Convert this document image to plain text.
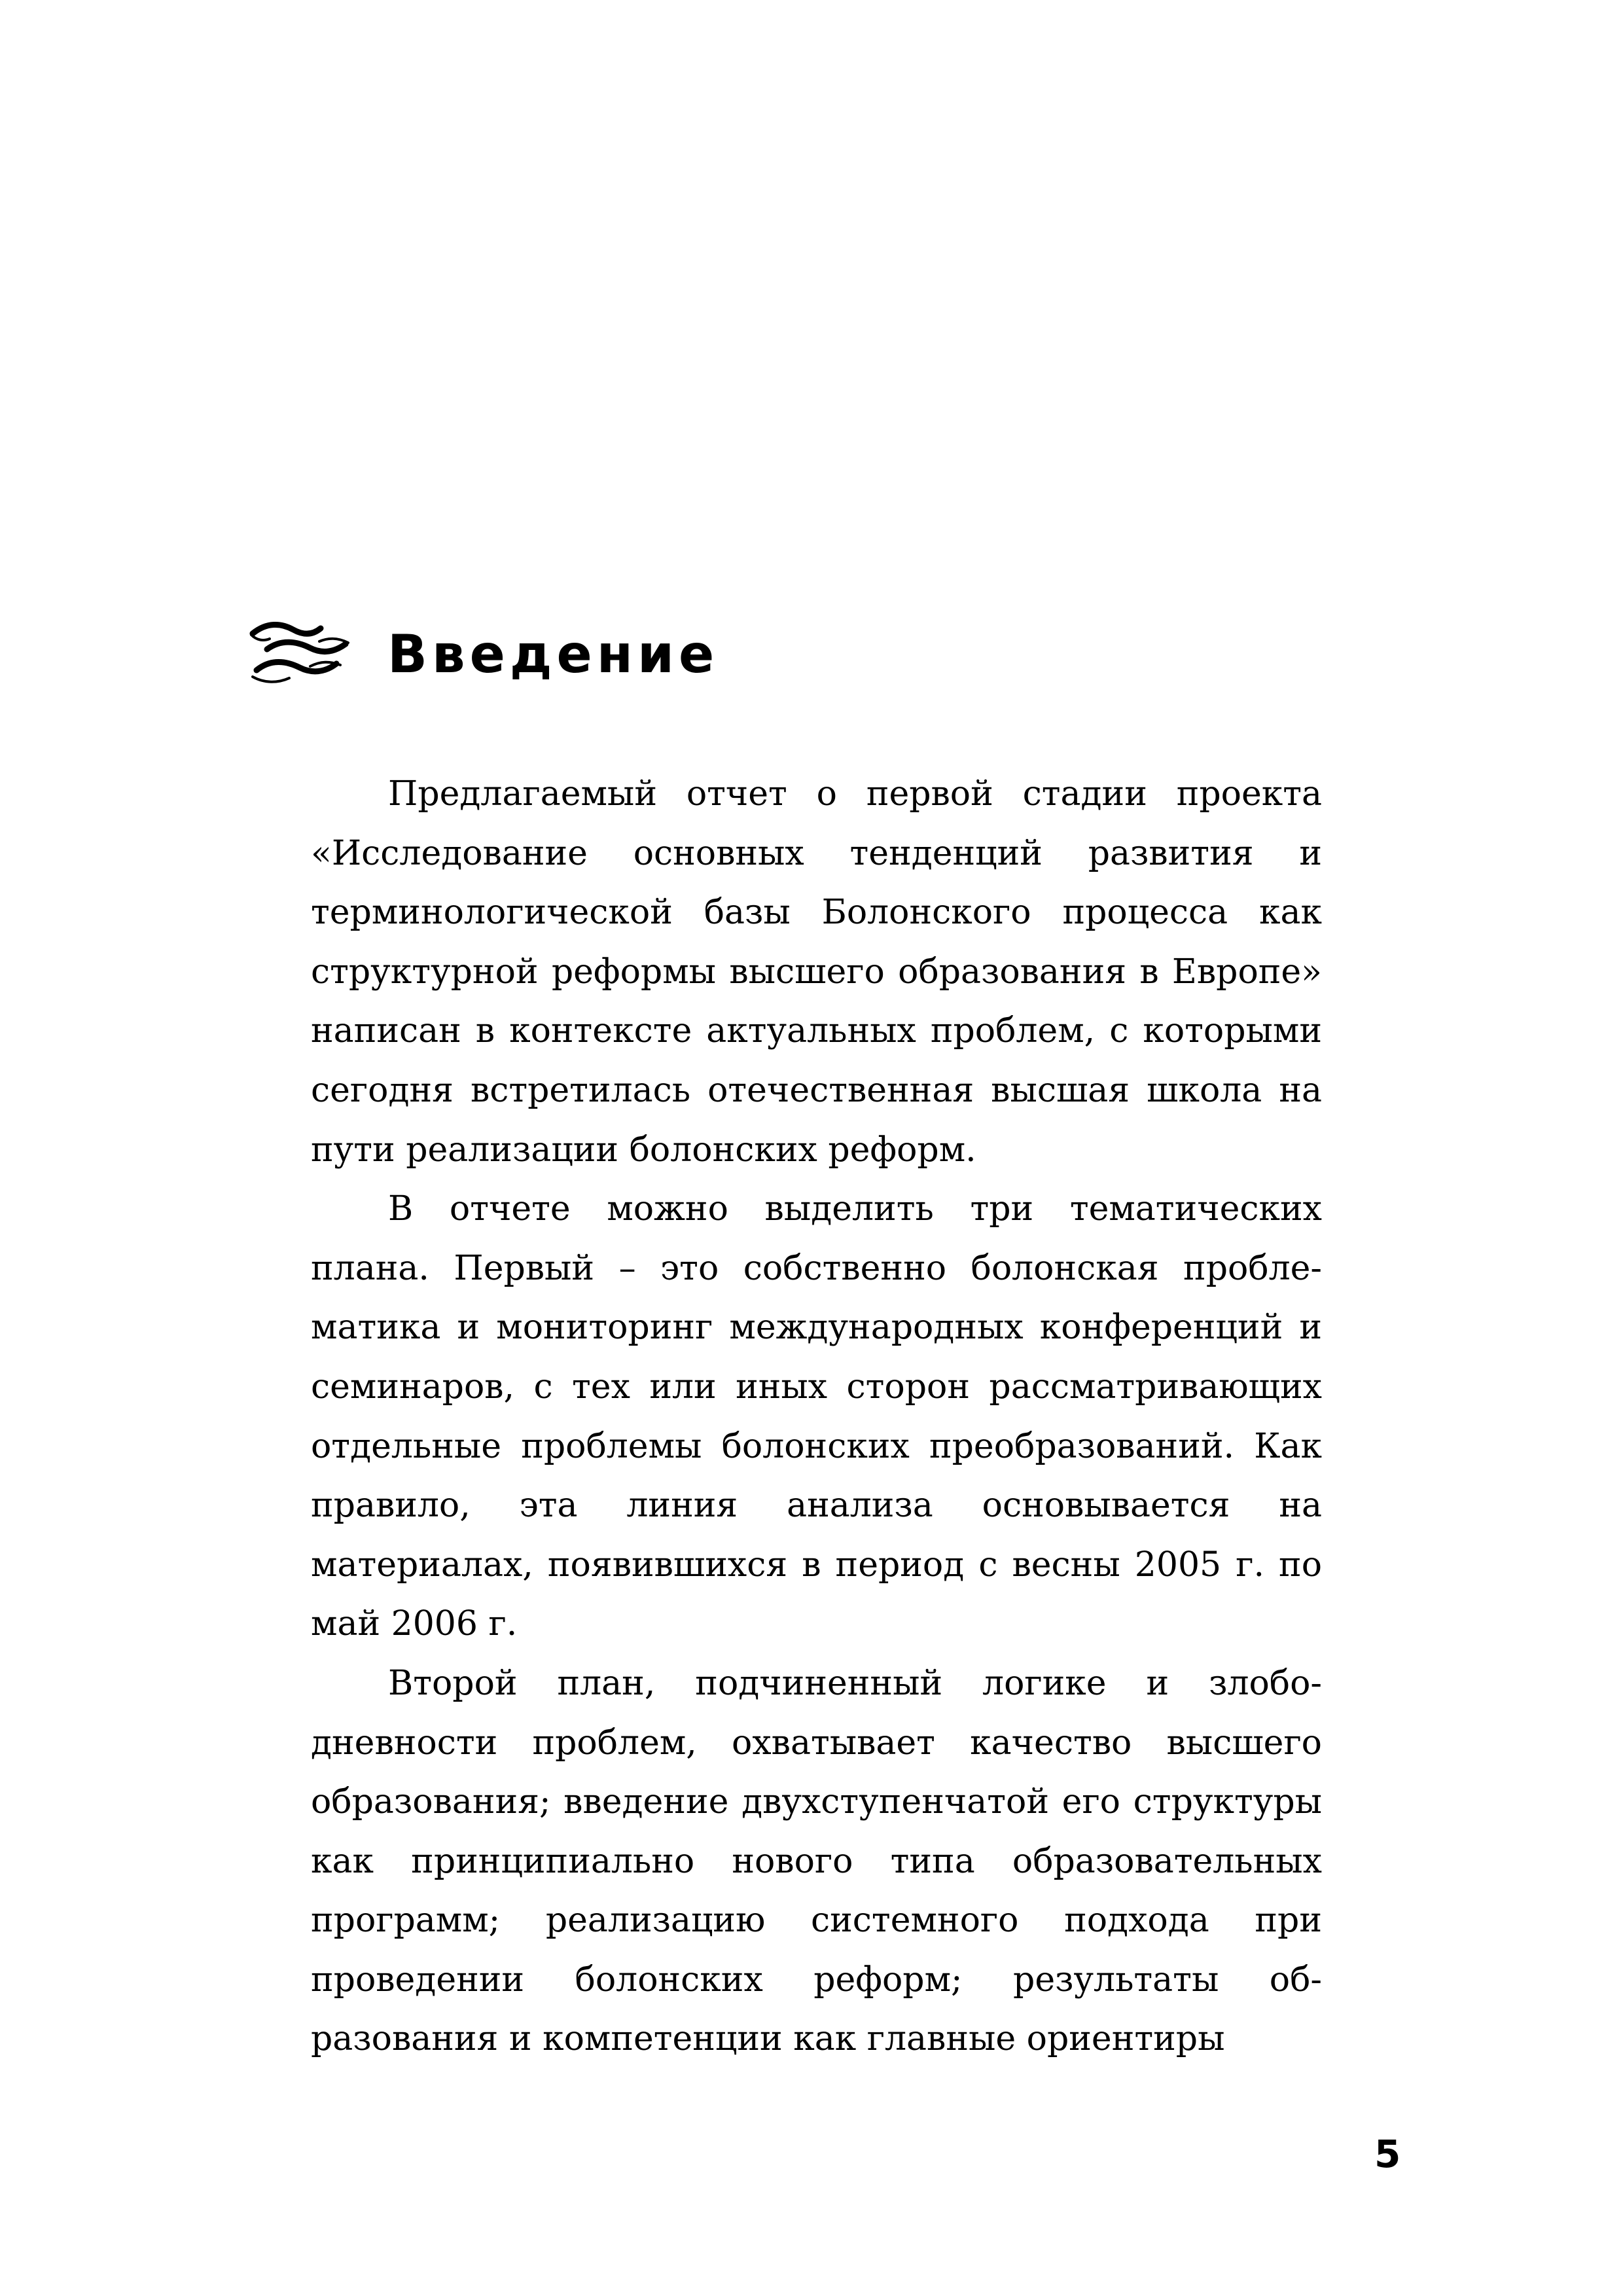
Введение

Предлагаемый отчет о первой стадии проекта «Исследование основных тенденций развития и терминологической базы Болонского процесса как структурной реформы высшего образования в Европе» написан в контексте актуальных проблем, с которыми сегодня встретилась отечественная высшая школа на пути реализации болонских реформ.

В отчете можно выделить три тематических плана. Первый – это собственно болонская проблематика и мониторинг международных конференций и семинаров, с тех или иных сторон рассматривающих отдельные проблемы болонских преобразований. Как правило, эта линия анализа основывается на материалах, появившихся в период с весны 2005 г. по май 2006 г.

Второй план, подчиненный логике и злободневности проблем, охватывает качество высшего образования; введение двухступенчатой его структуры как принципиально нового типа образовательных программ; реализацию системного подхода при проведении болонских реформ; результаты образования и компетенции как главные ориентиры

5
